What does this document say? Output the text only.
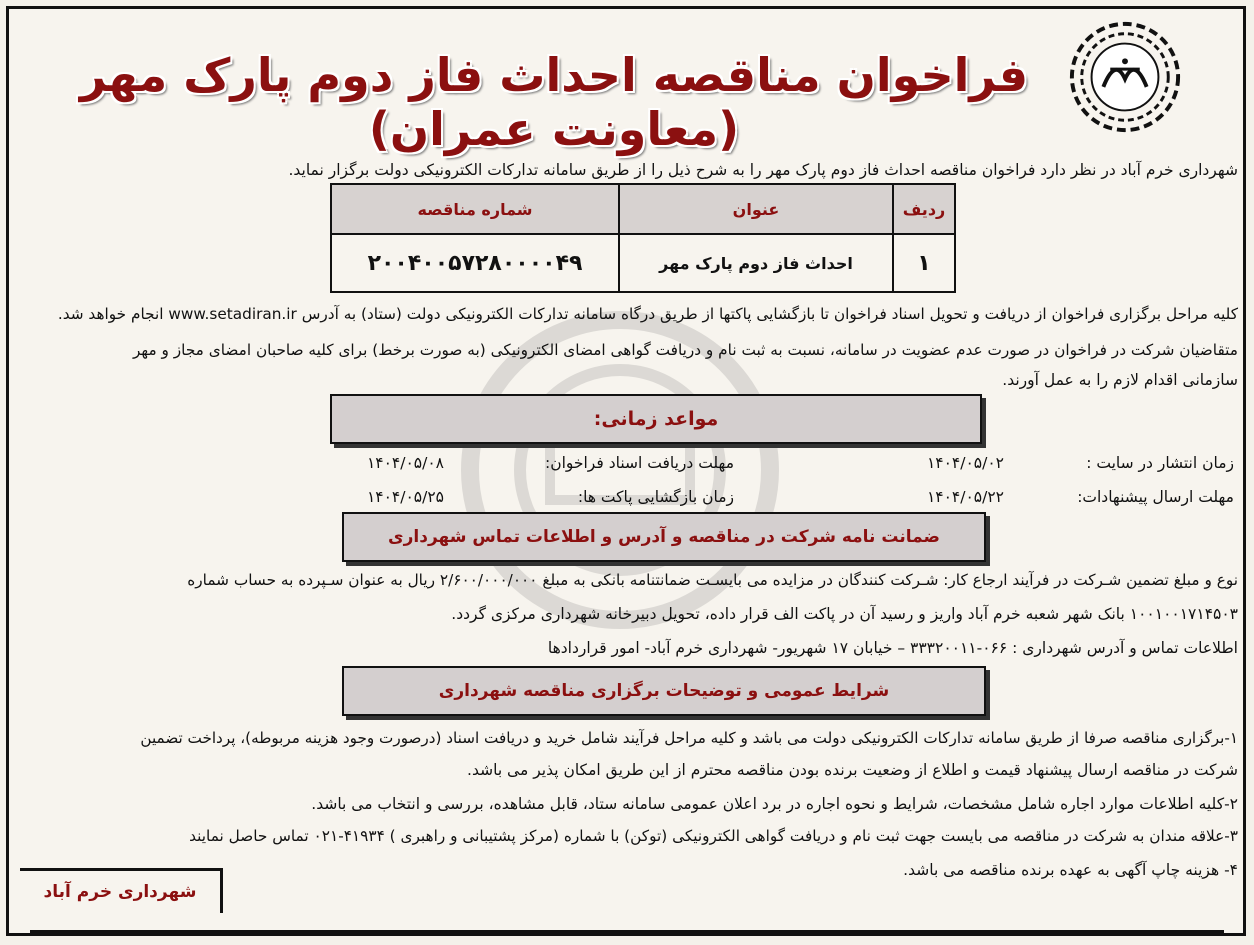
فراخوان مناقصه احداث فاز دوم پارک مهر (معاونت عمران)
شهرداری خرم آباد در نظر دارد فراخوان مناقصه احداث فاز دوم پارک مهر را به شرح ذیل را از طریق سامانه تدارکات الکترونیکی دولت برگزار نماید.
ردیف	عنوان	شماره مناقصه
۱	احداث فاز دوم پارک مهر	۲۰۰۴۰۰۵۷۲۸۰۰۰۰۴۹
کلیه مراحل برگزاری فراخوان از دریافت و تحویل اسناد فراخوان تا بازگشایی پاکتها از طریق درگاه سامانه تدارکات الکترونیکی دولت (ستاد) به آدرس www.setadiran.ir انجام خواهد شد.
متقاضیان شرکت در فراخوان در صورت عدم عضویت در سامانه، نسبت به ثبت نام و دریافت گواهی امضای الکترونیکی (به صورت برخط) برای کلیه صاحبان امضای مجاز و مهر
سازمانی اقدام لازم را به عمل آورند.
مواعد زمانی:
زمان انتشار در سایت :
۱۴۰۴/۰۵/۰۲
مهلت دریافت اسناد فراخوان:
۱۴۰۴/۰۵/۰۸
مهلت ارسال پیشنهادات:
۱۴۰۴/۰۵/۲۲
زمان بازگشایی پاکت ها:
۱۴۰۴/۰۵/۲۵
ضمانت نامه شرکت در مناقصه و آدرس و اطلاعات تماس شهرداری
نوع و مبلغ تضمین شـرکت در فرآیند ارجاع کار: شـرکت کنندگان در مزایده می بایسـت ضمانتنامه بانکی به مبلغ ۲/۶۰۰/۰۰۰/۰۰۰ ریال به عنوان سـپرده به حساب شماره
۱۰۰۱۰۰۱۷۱۴۵۰۳ بانک شهر شعبه خرم آباد واریز و رسید آن در پاکت الف قرار داده، تحویل دبیرخانه شهرداری مرکزی گردد.
اطلاعات تماس و آدرس شهرداری : ۰۶۶-۳۳۳۲۰۰۱۱ – خیابان ۱۷ شهریور- شهرداری خرم آباد- امور قراردادها
شرایط عمومی و توضیحات برگزاری مناقصه شهرداری
۱-برگزاری مناقصه صرفا از طریق سامانه تدارکات الکترونیکی دولت می باشد و کلیه مراحل فرآیند شامل خرید و دریافت اسناد (درصورت وجود هزینه مربوطه)، پرداخت تضمین
شرکت در مناقصه ارسال پیشنهاد قیمت و اطلاع از وضعیت برنده بودن مناقصه محترم از این طریق امکان پذیر می باشد.
۲-کلیه اطلاعات موارد اجاره شامل مشخصات، شرایط و نحوه اجاره در برد اعلان عمومی سامانه ستاد، قابل مشاهده، بررسی و انتخاب می باشد.
۳-علاقه مندان به شرکت در مناقصه می بایست جهت ثبت نام و دریافت گواهی الکترونیکی (توکن) با شماره (مرکز پشتیبانی و راهبری ) ۴۱۹۳۴-۰۲۱ تماس حاصل نمایند
۴- هزینه چاپ آگهی به عهده برنده مناقصه می باشد.
شهرداری خرم آباد
